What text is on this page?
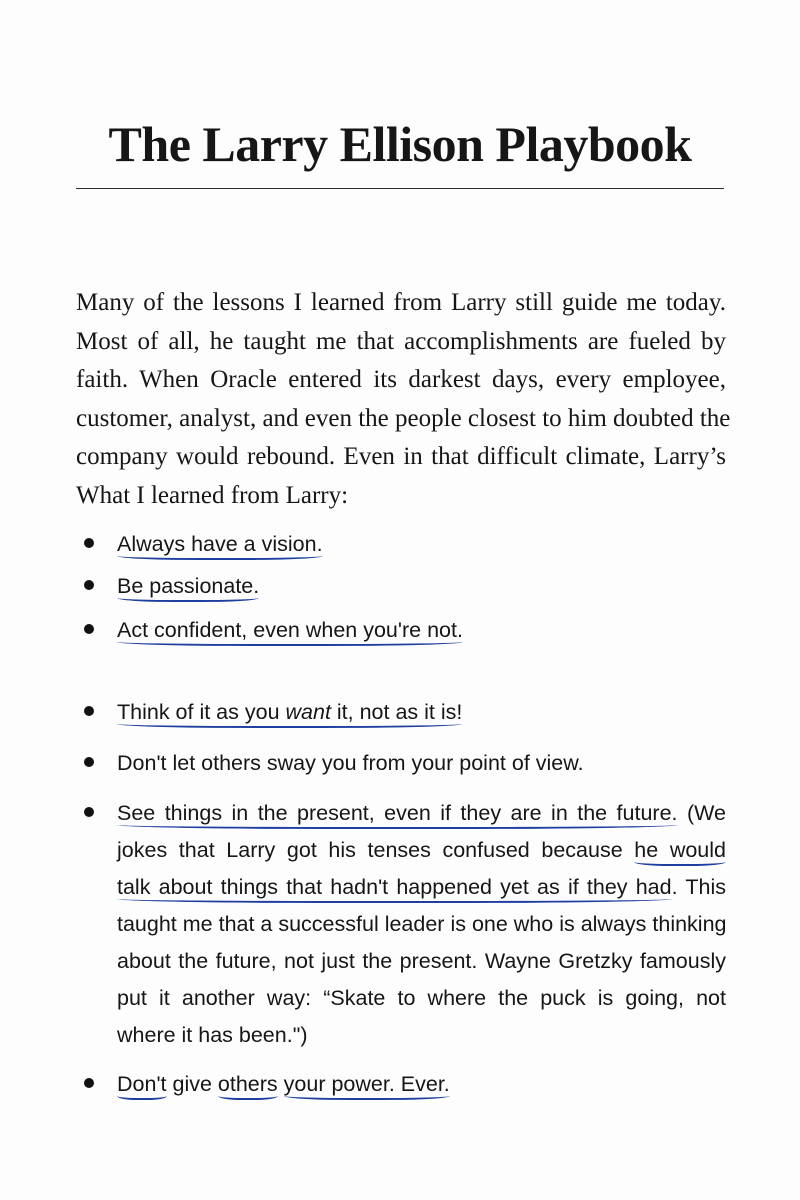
The Larry Ellison Playbook

Many of the lessons I learned from Larry still guide me today.
Most of all, he taught me that accomplishments are fueled by
faith. When Oracle entered its darkest days, every employee,
customer, analyst, and even the people closest to him doubted the
company would rebound. Even in that difficult climate, Larry’s
What I learned from Larry:

Always have a vision.
Be passionate.
Act confident, even when you're not.
Think of it as you want it, not as it is!
Don't let others sway you from your point of view.
See things in the present, even if they are in the future. (We
jokes that Larry got his tenses confused because he would
talk about things that hadn't happened yet as if they had. This
taught me that a successful leader is one who is always thinking
about the future, not just the present. Wayne Gretzky famously
put it another way: “Skate to where the puck is going, not
where it has been.")
Don't give others your power. Ever.
